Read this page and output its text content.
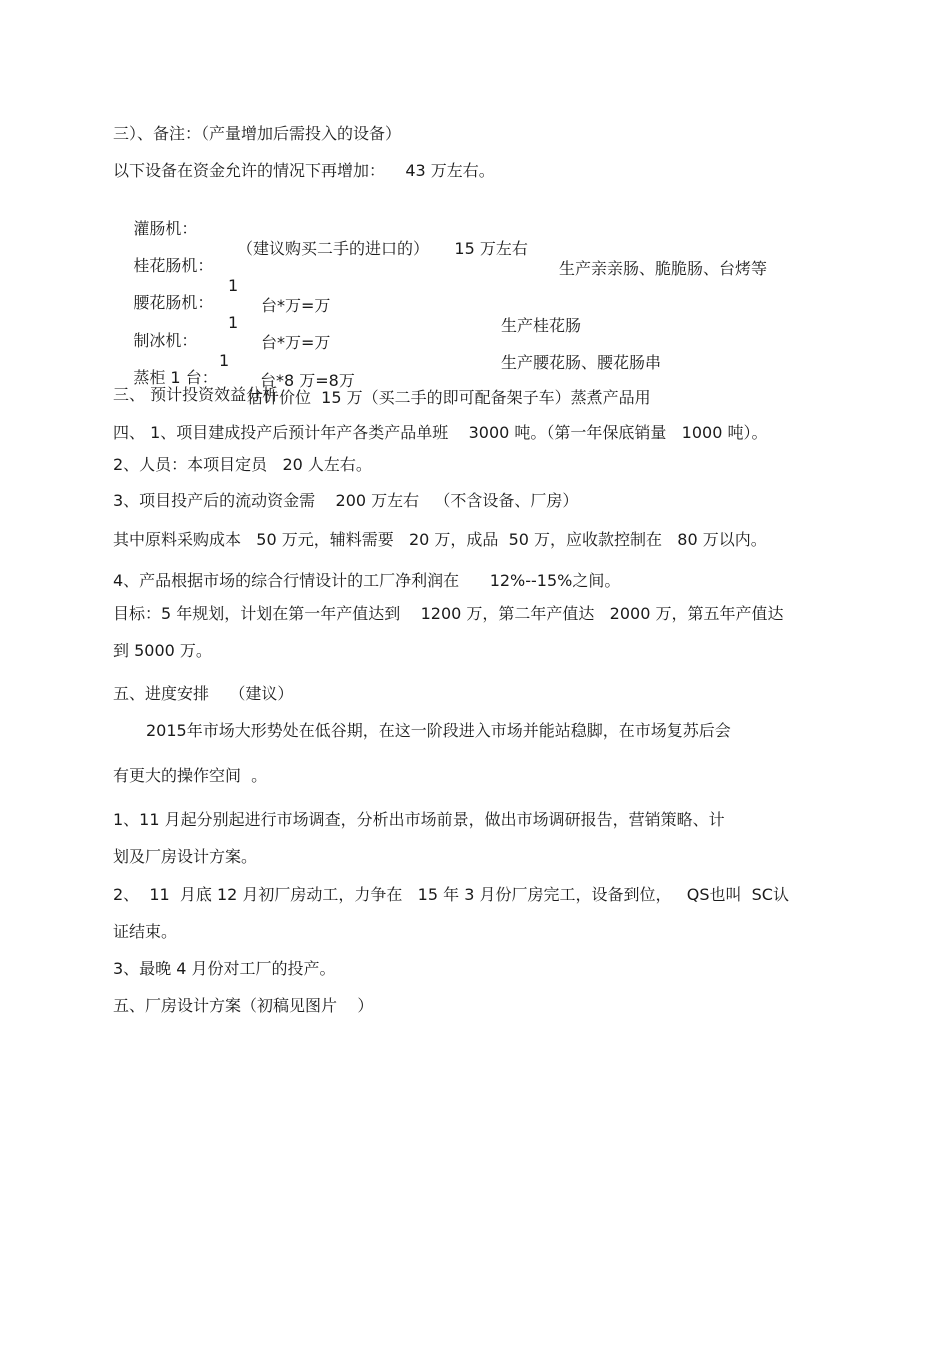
三）、备注：（产量增加后需投入的设备）
以下设备在资金允许的情况下再增加：    43 万左右。

灌肠机：

（建议购买二手的进口的）     15 万左右

生产亲亲肠、脆脆肠、台烤等

桂花肠机：

1

台*万=万

生产桂花肠

腰花肠机：

1

台*万=万

生产腰花肠、腰花肠串

制冰机：

1

台*8 万=8万

蒸柜 1 台：

估计价位  15 万（买二手的即可配备架子车）蒸煮产品用

三、 预计投资效益分析
四、 1、项目建成投产后预计年产各类产品单班    3000 吨。（第一年保底销量   1000 吨）。
2、人员：本项目定员   20 人左右。
3、项目投产后的流动资金需    200 万左右   （不含设备、厂房）
其中原料采购成本   50 万元，辅料需要   20 万，成品  50 万，应收款控制在   80 万以内。
4、产品根据市场的综合行情设计的工厂净利润在      12%--15%之间。
目标：5 年规划，计划在第一年产值达到    1200 万，第二年产值达   2000 万，第五年产值达
到 5000 万。
五、进度安排    （建议）
2015年市场大形势处在低谷期，在这一阶段进入市场并能站稳脚，在市场复苏后会
有更大的操作空间  。
1、11 月起分别起进行市场调查，分析出市场前景，做出市场调研报告，营销策略、计
划及厂房设计方案。
2、  11  月底 12 月初厂房动工，力争在   15 年 3 月份厂房完工，设备到位，   QS也叫  SC认
证结束。
3、最晚 4 月份对工厂的投产。
五、厂房设计方案（初稿见图片    ）
